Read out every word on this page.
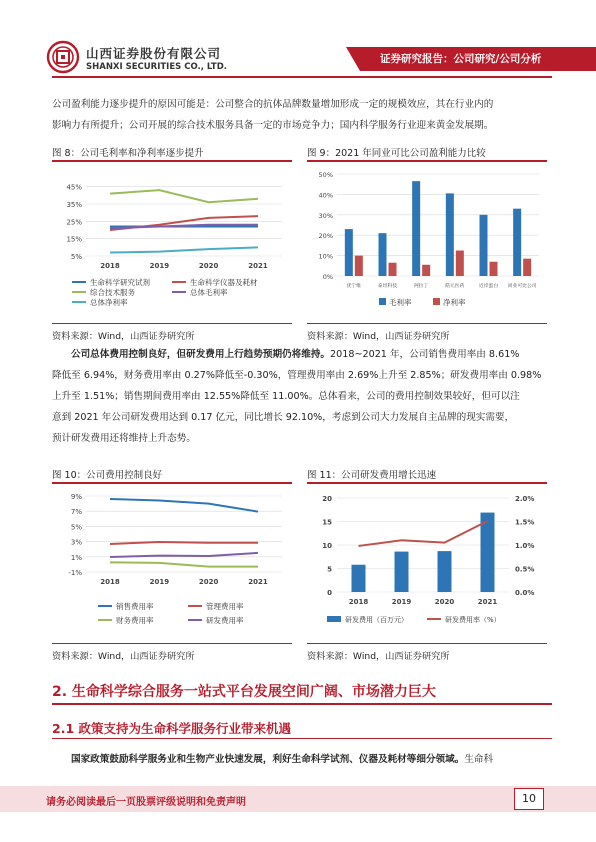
山西证券股份有限公司
SHANXI SECURITIES CO., LTD.
证券研究报告：公司研究/公司分析
公司盈利能力逐步提升的原因可能是：公司整合的抗体品牌数量增加形成一定的规模效应，其在行业内的
影响力有所提升；公司开展的综合技术服务具备一定的市场竞争力；国内科学服务行业迎来黄金发展期。
图 8：公司毛利率和净利率逐步提升
5%
15%
25%
35%
45%
2018	2019	2020	2021
生命科学研究试剂	生命科学仪器及耗材
综合技术服务	总体毛利率
总体净利率
资料来源：Wind，山西证券研究所
图 9：2021 年同业可比公司盈利能力比较
0%
10%
20%
30%
40%
50%
优宁维	泰坦科技	阿拉丁	皓元医药	近岸蛋白 同业可比公司
毛利率	净利率
资料来源：Wind，山西证券研究所
公司总体费用控制良好，但研发费用上行趋势预期仍将维持。2018~2021 年，公司销售费用率由 8.61%
降低至 6.94%，财务费用率由 0.27%降低至-0.30%，管理费用率由 2.69%上升至 2.85%；研发费用率由 0.98%
上升至 1.51%；销售期间费用率由 12.55%降低至 11.00%。总体看来，公司的费用控制效果较好，但可以注
意到 2021 年公司研发费用达到 0.17 亿元，同比增长 92.10%，考虑到公司大力发展自主品牌的现实需要，
预计研发费用还将维持上升态势。
图 10：公司费用控制良好
-1%
1%
3%
5%
7%
9%
2018	2019	2020	2021
销售费用率	管理费用率
财务费用率	研发费用率
资料来源：Wind，山西证券研究所
图 11：公司研发费用增长迅速
0
5
10
15
20
0.0%
0.5%
1.0%
1.5%
2.0%
2018	2019	2020	2021
研发费用（百万元）	研发费用率（%）
资料来源：Wind，山西证券研究所
2. 生命科学综合服务一站式平台发展空间广阔、市场潜力巨大
2.1 政策支持为生命科学服务行业带来机遇
国家政策鼓励科学服务业和生物产业快速发展，利好生命科学试剂、仪器及耗材等细分领域。生命科
请务必阅读最后一页股票评级说明和免责声明	10
